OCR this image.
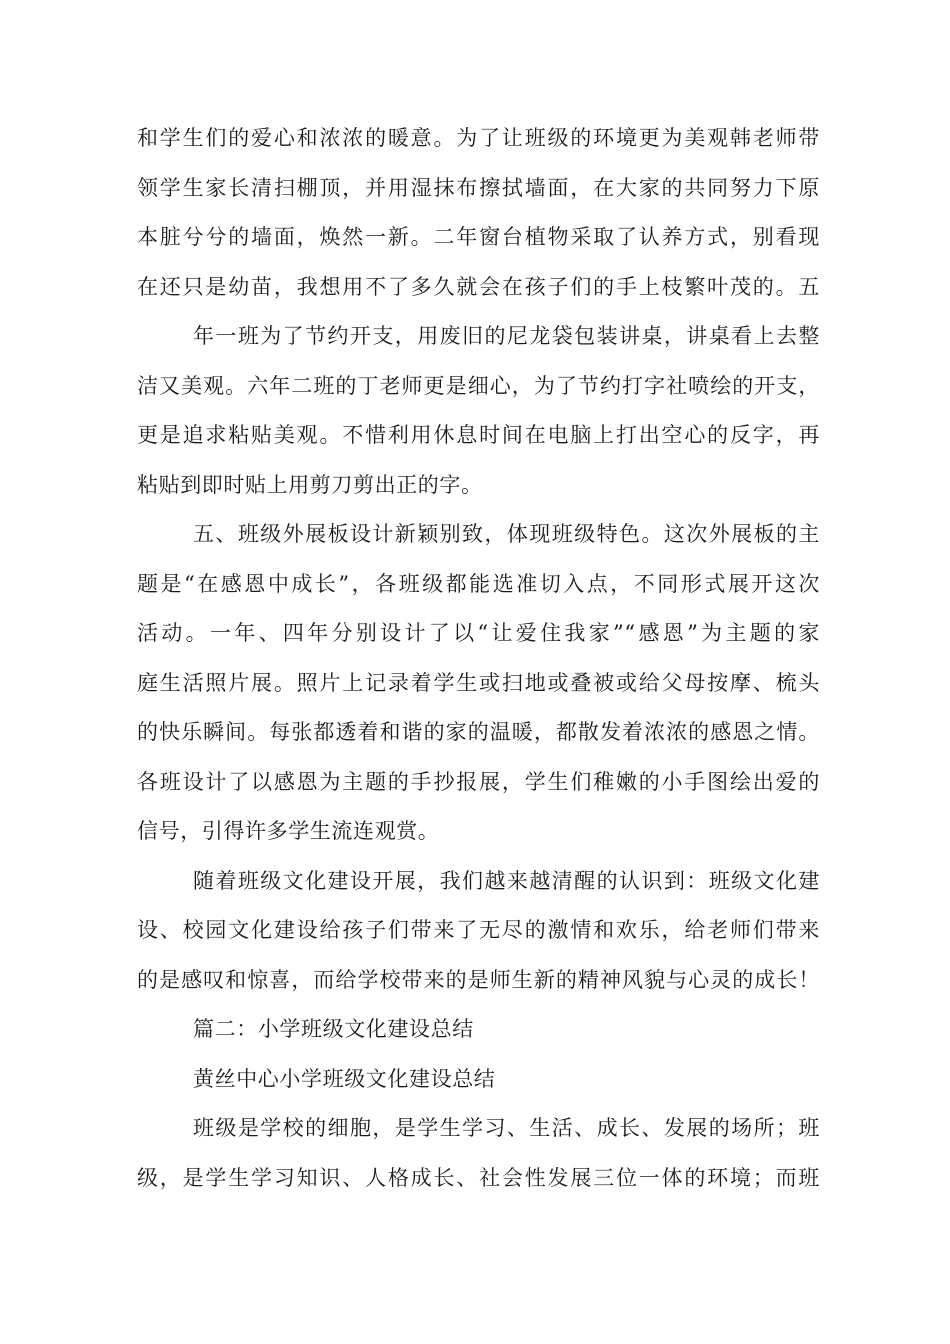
和学生们的爱心和浓浓的暖意。为了让班级的环境更为美观韩老师带
领学生家长清扫棚顶，并用湿抹布擦拭墙面，在大家的共同努力下原
本脏兮兮的墙面，焕然一新。二年窗台植物采取了认养方式，别看现
在还只是幼苗，我想用不了多久就会在孩子们的手上枝繁叶茂的。五
年一班为了节约开支，用废旧的尼龙袋包装讲桌，讲桌看上去整
洁又美观。六年二班的丁老师更是细心，为了节约打字社喷绘的开支，
更是追求粘贴美观。不惜利用休息时间在电脑上打出空心的反字，再
粘贴到即时贴上用剪刀剪出正的字。
五、班级外展板设计新颖别致，体现班级特色。这次外展板的主
题是“在感恩中成长”，各班级都能选准切入点，不同形式展开这次
活动。一年、四年分别设计了以“让爱住我家”“感恩”为主题的家
庭生活照片展。照片上记录着学生或扫地或叠被或给父母按摩、梳头
的快乐瞬间。每张都透着和谐的家的温暖，都散发着浓浓的感恩之情。
各班设计了以感恩为主题的手抄报展，学生们稚嫩的小手图绘出爱的
信号，引得许多学生流连观赏。
随着班级文化建设开展，我们越来越清醒的认识到：班级文化建
设、校园文化建设给孩子们带来了无尽的激情和欢乐，给老师们带来
的是感叹和惊喜，而给学校带来的是师生新的精神风貌与心灵的成长！
篇二：小学班级文化建设总结
黄丝中心小学班级文化建设总结
班级是学校的细胞，是学生学习、生活、成长、发展的场所；班
级，是学生学习知识、人格成长、社会性发展三位一体的环境；而班
